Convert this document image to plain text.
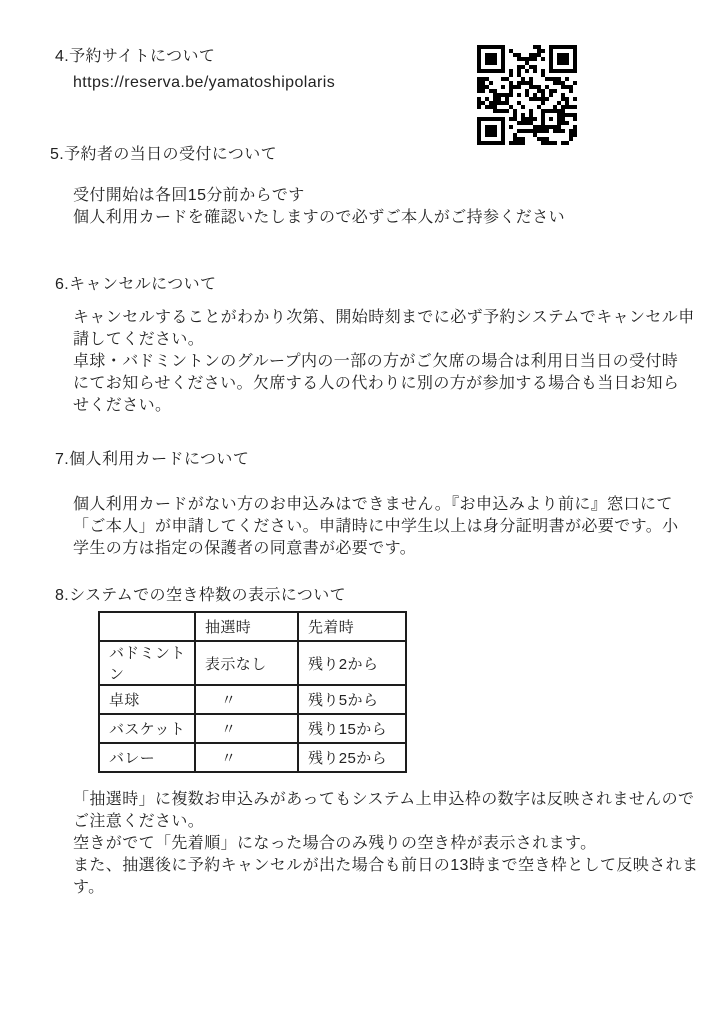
4.予約サイトについて
https://reserva.be/yamatoshipolaris
5.予約者の当日の受付について
受付開始は各回15分前からです
個人利用カードを確認いたしますので必ずご本人がご持参ください
6.キャンセルについて
キャンセルすることがわかり次第、開始時刻までに必ず予約システムでキャンセル申
請してください。
卓球・バドミントンのグループ内の一部の方がご欠席の場合は利用日当日の受付時
にてお知らせください。欠席する人の代わりに別の方が参加する場合も当日お知ら
せください。
7.個人利用カードについて
個人利用カードがない方のお申込みはできません。『お申込みより前に』窓口にて
「ご本人」が申請してください。申請時に中学生以上は身分証明書が必要です。小
学生の方は指定の保護者の同意書が必要です。
8.システムでの空き枠数の表示について
	抽選時	先着時
バドミントン	表示なし	残り2から
卓球	〃	残り5から
バスケット	〃	残り15から
バレー	〃	残り25から
「抽選時」に複数お申込みがあってもシステム上申込枠の数字は反映されませんので
ご注意ください。
空きがでて「先着順」になった場合のみ残りの空き枠が表示されます。
また、抽選後に予約キャンセルが出た場合も前日の13時まで空き枠として反映されま
す。
